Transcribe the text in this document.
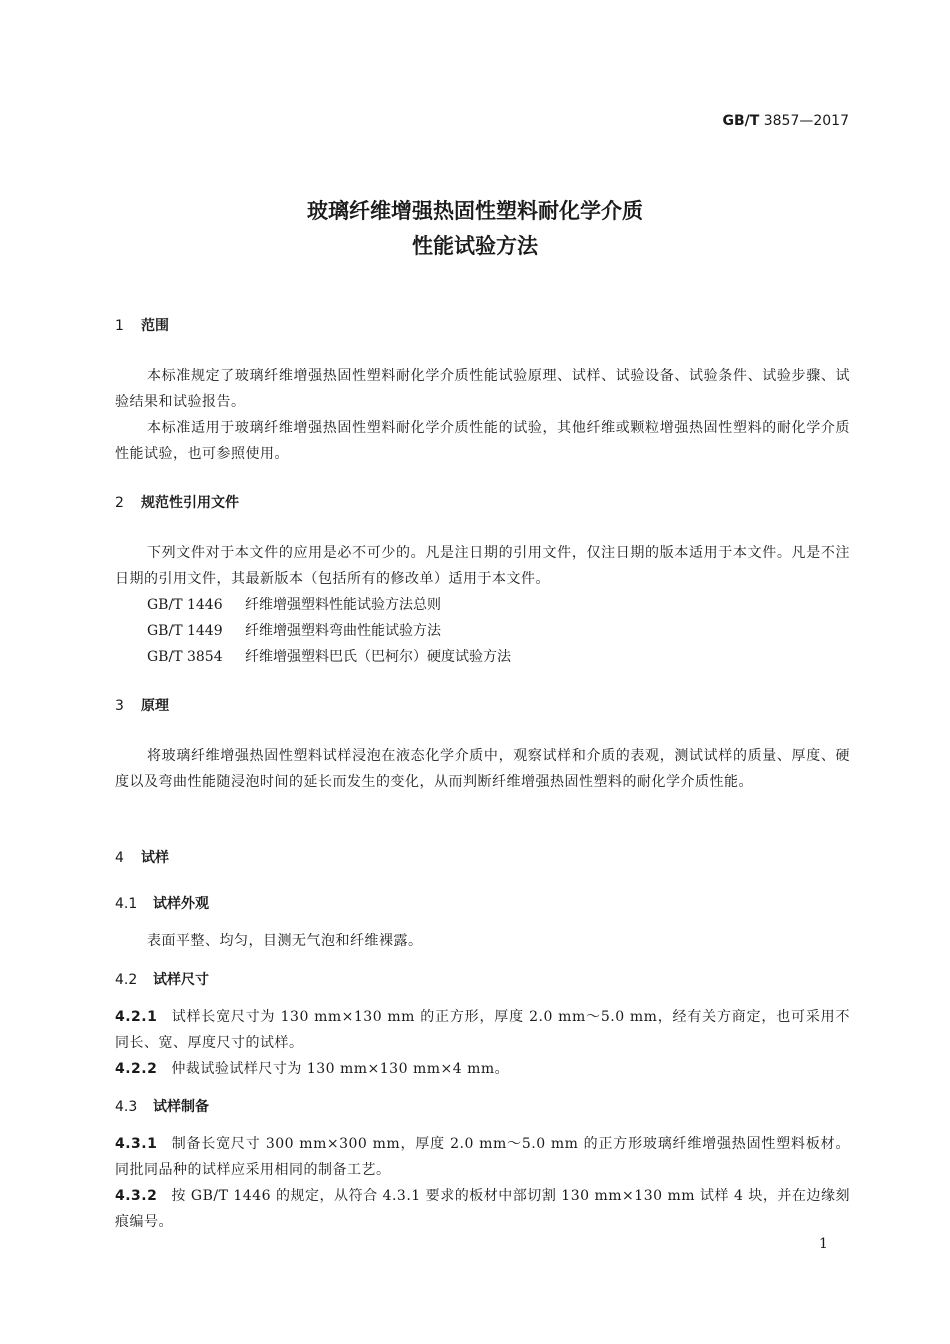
GB/T 3857—2017
玻璃纤维增强热固性塑料耐化学介质
性能试验方法
1 范围
本标准规定了玻璃纤维增强热固性塑料耐化学介质性能试验原理、试样、试验设备、试验条件、试验步骤、试验结果和试验报告。
本标准适用于玻璃纤维增强热固性塑料耐化学介质性能的试验，其他纤维或颗粒增强热固性塑料的耐化学介质性能试验，也可参照使用。
2 规范性引用文件
下列文件对于本文件的应用是必不可少的。凡是注日期的引用文件，仅注日期的版本适用于本文件。凡是不注日期的引用文件，其最新版本（包括所有的修改单）适用于本文件。
GB/T 1446 纤维增强塑料性能试验方法总则
GB/T 1449 纤维增强塑料弯曲性能试验方法
GB/T 3854 纤维增强塑料巴氏（巴柯尔）硬度试验方法
3 原理
将玻璃纤维增强热固性塑料试样浸泡在液态化学介质中，观察试样和介质的表观，测试试样的质量、厚度、硬度以及弯曲性能随浸泡时间的延长而发生的变化，从而判断纤维增强热固性塑料的耐化学介质性能。
4 试样
4.1 试样外观
表面平整、均匀，目测无气泡和纤维裸露。
4.2 试样尺寸
4.2.1 试样长宽尺寸为 130 mm×130 mm 的正方形，厚度 2.0 mm～5.0 mm，经有关方商定，也可采用不同长、宽、厚度尺寸的试样。
4.2.2 仲裁试验试样尺寸为 130 mm×130 mm×4 mm。
4.3 试样制备
4.3.1 制备长宽尺寸 300 mm×300 mm，厚度 2.0 mm～5.0 mm 的正方形玻璃纤维增强热固性塑料板材。同批同品种的试样应采用相同的制备工艺。
4.3.2 按 GB/T 1446 的规定，从符合 4.3.1 要求的板材中部切割 130 mm×130 mm 试样 4 块，并在边缘刻痕编号。
1
